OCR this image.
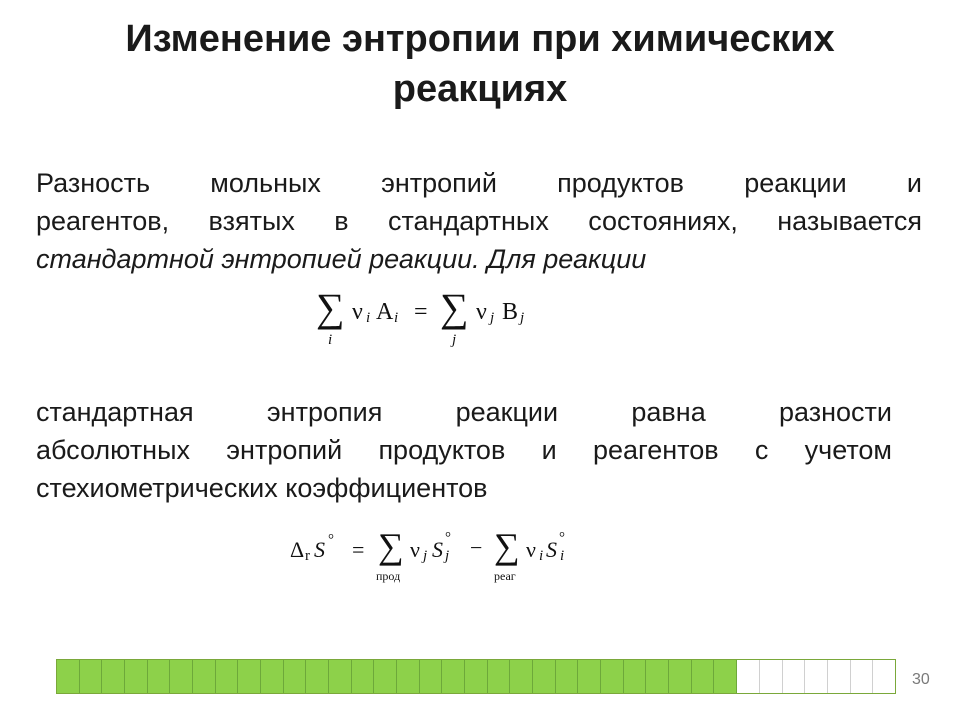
Изменение энтропии при химических
реакциях
Разность мольных энтропий продуктов реакции и
реагентов, взятых в стандартных состояниях, называется
стандартной энтропией реакции. Для реакции
∑
i
ν i A i = ∑
j
ν j B j
стандартная энтропия реакции равна разности
абсолютных энтропий продуктов и реагентов с учетом
стехиометрических коэффициентов
Δ r S ° = ∑
прод
ν j S °
j − ∑
реаг
ν i S °
i
30
